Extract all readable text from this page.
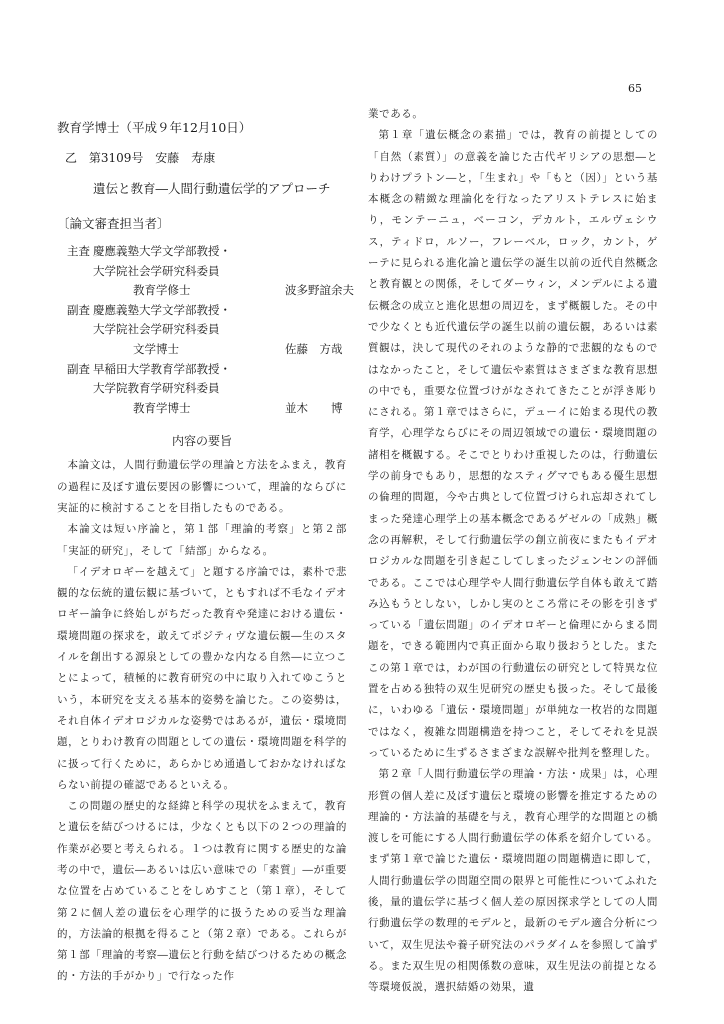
65
教育学博士（平成９年12月10日）
乙 第3109号 安藤　寿康
遺伝と教育―人間行動遺伝学的アプローチ
〔論文審査担当者〕
主査 慶應義塾大学文学部教授・
大学院社会学研究科委員
教育学修士	波多野誼余夫
副査 慶應義塾大学文学部教授・
大学院社会学研究科委員
文学博士	佐藤　方哉
副査 早稲田大学教育学部教授・
大学院教育学研究科委員
教育学博士	並木　　博
内容の要旨

本論文は，人間行動遺伝学の理論と方法をふまえ，教育の過程に及ぼす遺伝要因の影響について，理論的ならびに実証的に検討することを目指したものである。

本論文は短い序論と，第１部「理論的考察」と第２部「実証的研究」，そして「結部」からなる。

「イデオロギーを越えて」と題する序論では，素朴で悲観的な伝統的遺伝観に基づいて，ともすれば不毛なイデオロギー論争に終始しがちだった教育や発達における遺伝・環境問題の探求を，敢えてポジティヴな遺伝観―生のスタイルを創出する源泉としての豊かな内なる自然―に立つことによって，積極的に教育研究の中に取り入れてゆこうという，本研究を支える基本的姿勢を論じた。この姿勢は，それ自体イデオロジカルな姿勢ではあるが，遺伝・環境問題，とりわけ教育の問題としての遺伝・環境問題を科学的に扱って行くために，あらかじめ通過しておかなければならない前提の確認であるといえる。

この問題の歴史的な経緯と科学の現状をふまえて，教育と遺伝を結びつけるには，少なくとも以下の２つの理論的作業が必要と考えられる。１つは教育に関する歴史的な論考の中で，遺伝―あるいは広い意味での「素質」―が重要な位置を占めていることをしめすこと（第１章），そして第２に個人差の遺伝を心理学的に扱うための妥当な理論的，方法論的根拠を得ること（第２章）である。これらが第１部「理論的考察―遺伝と行動を結びつけるための概念的・方法的手がかり」で行なった作

業である。

第１章「遺伝概念の素描」では，教育の前提としての「自然（素質）」の意義を論じた古代ギリシアの思想―とりわけプラトン―と，「生まれ」や「もと（因）」という基本概念の精緻な理論化を行なったアリストテレスに始まり，モンテーニュ，ベーコン，デカルト，エルヴェシウス，ティドロ，ルソー，フレーベル，ロック，カント，ゲーテに見られる進化論と遺伝学の誕生以前の近代自然概念と教育観との関係，そしてダーウィン，メンデルによる遺伝概念の成立と進化思想の周辺を，まず概観した。その中で少なくとも近代遺伝学の誕生以前の遺伝観，あるいは素質観は，決して現代のそれのような静的で悲観的なものではなかったこと，そして遺伝や素質はさまざまな教育思想の中でも，重要な位置づけがなされてきたことが浮き彫りにされる。第１章ではさらに，デューイに始まる現代の教育学，心理学ならびにその周辺領域での遺伝・環境問題の諸相を概観する。そこでとりわけ重視したのは，行動遺伝学の前身でもあり，思想的なスティグマでもある優生思想の倫理的問題，今や古典として位置づけられ忘却されてしまった発達心理学上の基本概念であるゲゼルの「成熟」概念の再解釈，そして行動遺伝学の創立前夜にまたもイデオロジカルな問題を引き起こしてしまったジェンセンの評価である。ここでは心理学や人間行動遺伝学自体も敢えて踏み込もうとしない，しかし実のところ常にその影を引きずっている「遺伝問題」のイデオロギーと倫理にからまる問題を，できる範囲内で真正面から取り扱おうとした。またこの第１章では，わが国の行動遺伝の研究として特異な位置を占める独特の双生児研究の歴史も扱った。そして最後に，いわゆる「遺伝・環境問題」が単純な一枚岩的な問題ではなく，複雑な問題構造を持つこと，そしてそれを見誤っているために生ずるさまざまな誤解や批判を整理した。

第２章「人間行動遺伝学の理論・方法・成果」は，心理形質の個人差に及ぼす遺伝と環境の影響を推定するための理論的・方法論的基礎を与え，教育心理学的な問題との橋渡しを可能にする人間行動遺伝学の体系を紹介している。まず第１章で論じた遺伝・環境問題の問題構造に即して，人間行動遺伝学の問題空間の限界と可能性についてふれた後，量的遺伝学に基づく個人差の原因探求学としての人間行動遺伝学の数理的モデルと，最新のモデル適合分析について，双生児法や養子研究法のパラダイムを参照して論ずる。また双生児の相関係数の意味，双生児法の前提となる等環境仮説，選択結婚の効果，遺
